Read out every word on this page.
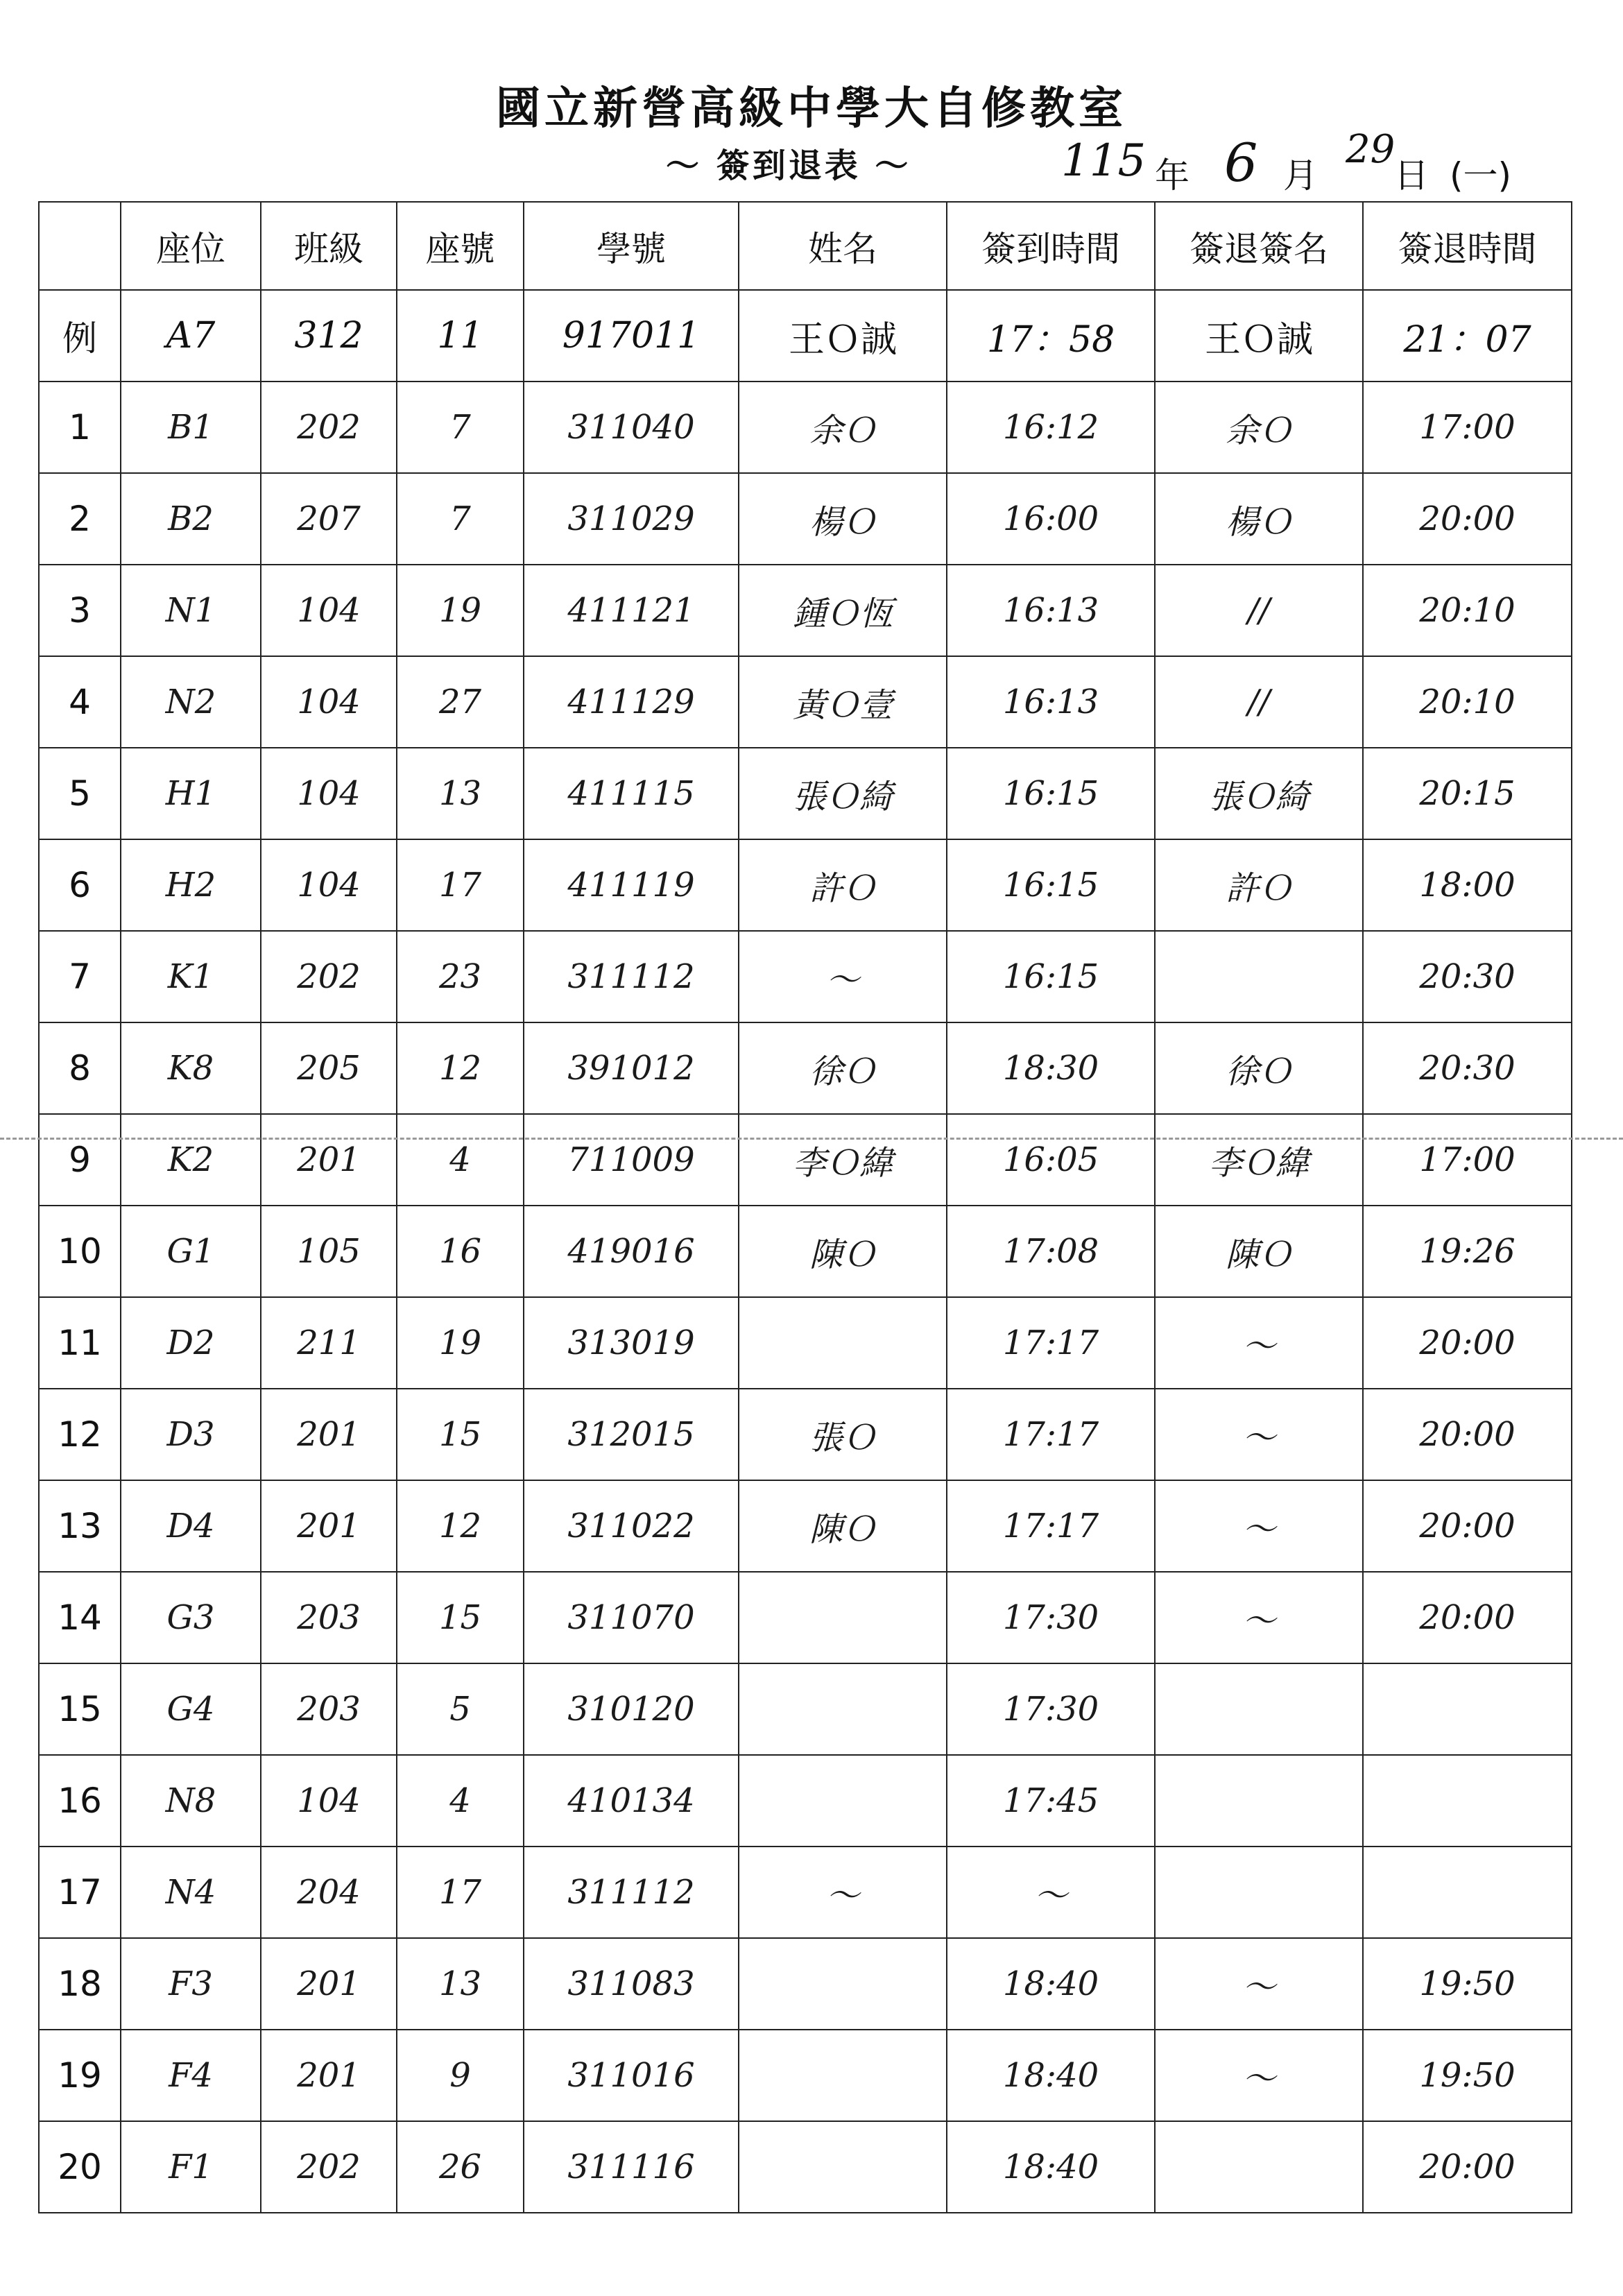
國立新營高級中學大自修教室
～ 簽到退表 ～	115 年 6 月
29
日 (一)
	座位	班級	座號	學號	姓名	簽到時間	簽退簽名	簽退時間
例	A7	312	11	917011	王Ｏ誠	17：58	王Ｏ誠	21：07
1	B1	202	7	311040	余Ｏ	16:12	余Ｏ	17:00
2	B2	207	7	311029	楊Ｏ	16:00	楊Ｏ	20:00
3	N1	104	19	411121	鍾Ｏ恆	16:13	//	20:10
4	N2	104	27	411129	黃Ｏ壹	16:13	//	20:10
5	H1	104	13	411115	張Ｏ綺	16:15	張Ｏ綺	20:15
6	H2	104	17	411119	許Ｏ	16:15	許Ｏ	18:00
7	K1	202	23	311112	～	16:15		20:30
8	K8	205	12	391012	徐Ｏ	18:30	徐Ｏ	20:30
9	K2	201	4	711009	李Ｏ緯	16:05	李Ｏ緯	17:00
10	G1	105	16	419016	陳Ｏ	17:08	陳Ｏ	19:26
11	D2	211	19	313019		17:17	～	20:00
12	D3	201	15	312015	張Ｏ	17:17	～	20:00
13	D4	201	12	311022	陳Ｏ	17:17	～	20:00
14	G3	203	15	311070		17:30	～	20:00
15	G4	203	5	310120		17:30		
16	N8	104	4	410134		17:45		
17	N4	204	17	311112	～	～		
18	F3	201	13	311083		18:40	～	19:50
19	F4	201	9	311016		18:40	～	19:50
20	F1	202	26	311116		18:40		20:00
